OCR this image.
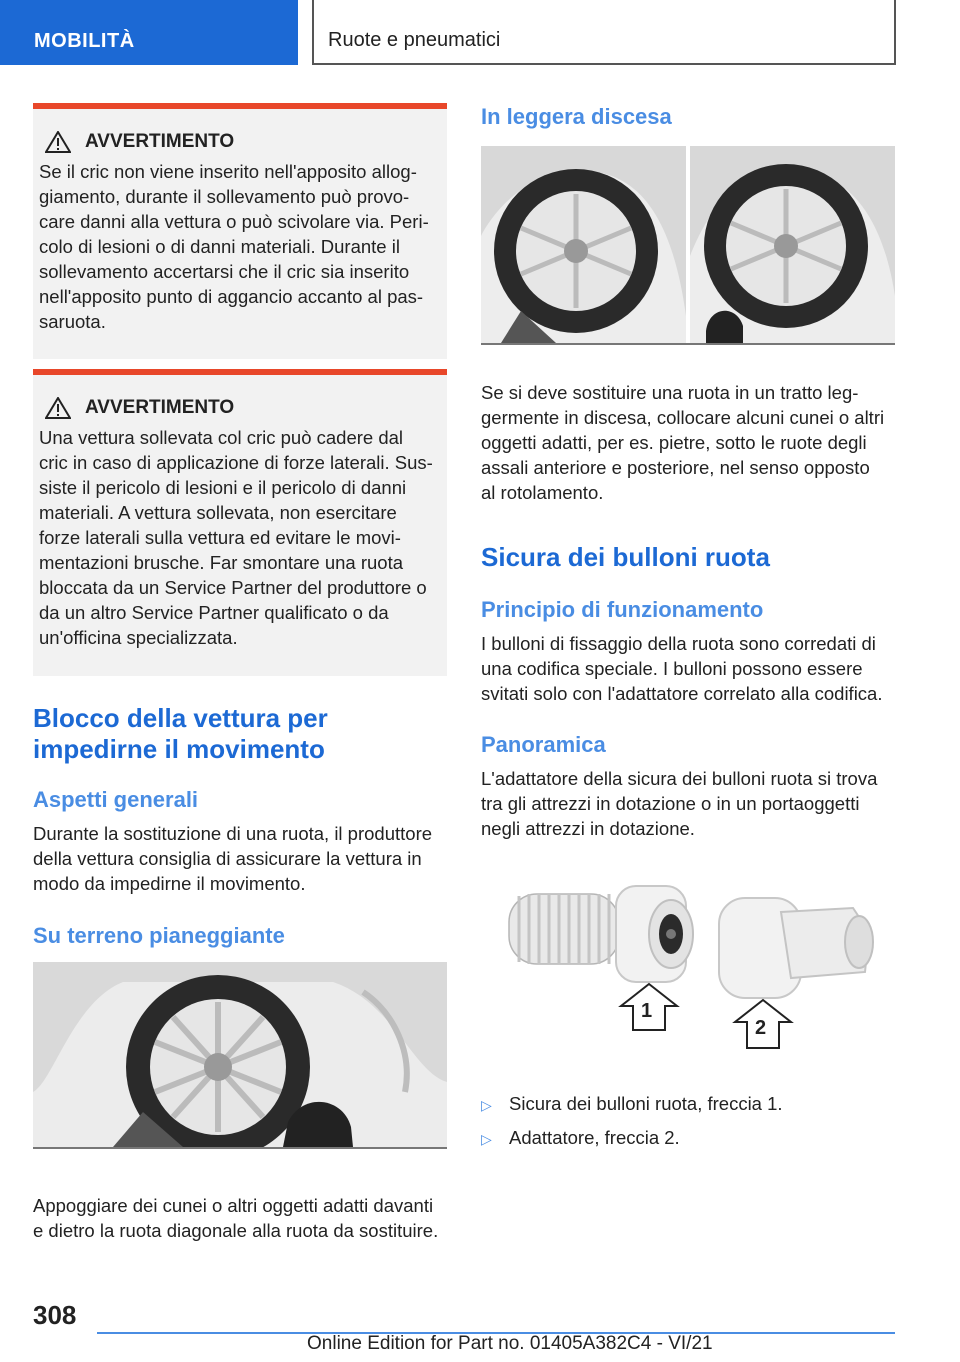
MOBILITÀ	Ruote e pneumatici
AVVERTIMENTO
Se il cric non viene inserito nell'apposito allog-
giamento, durante il sollevamento può provo-
care danni alla vettura o può scivolare via. Peri-
colo di lesioni o di danni materiali. Durante il
sollevamento accertarsi che il cric sia inserito
nell'apposito punto di aggancio accanto al pas-
saruota.
AVVERTIMENTO
Una vettura sollevata col cric può cadere dal
cric in caso di applicazione di forze laterali. Sus-
siste il pericolo di lesioni e il pericolo di danni
materiali. A vettura sollevata, non esercitare
forze laterali sulla vettura ed evitare le movi-
mentazioni brusche. Far smontare una ruota
bloccata da un Service Partner del produttore o
da un altro Service Partner qualificato o da
un'officina specializzata.
Blocco della vettura per
impedirne il movimento
Aspetti generali
Durante la sostituzione di una ruota, il produttore
della vettura consiglia di assicurare la vettura in
modo da impedirne il movimento.
Su terreno pianeggiante
Appoggiare dei cunei o altri oggetti adatti davanti
e dietro la ruota diagonale alla ruota da sostituire.
In leggera discesa
Se si deve sostituire una ruota in un tratto leg-
germente in discesa, collocare alcuni cunei o altri
oggetti adatti, per es. pietre, sotto le ruote degli
assali anteriore e posteriore, nel senso opposto
al rotolamento.
Sicura dei bulloni ruota
Principio di funzionamento
I bulloni di fissaggio della ruota sono corredati di
una codifica speciale. I bulloni possono essere
svitati solo con l'adattatore correlato alla codifica.
Panoramica
L'adattatore della sicura dei bulloni ruota si trova
tra gli attrezzi in dotazione o in un portaoggetti
negli attrezzi in dotazione.
1
2
▷ Sicura dei bulloni ruota, freccia 1.
▷ Adattatore, freccia 2.
308
Online Edition for Part no. 01405A382C4 - VI/21
